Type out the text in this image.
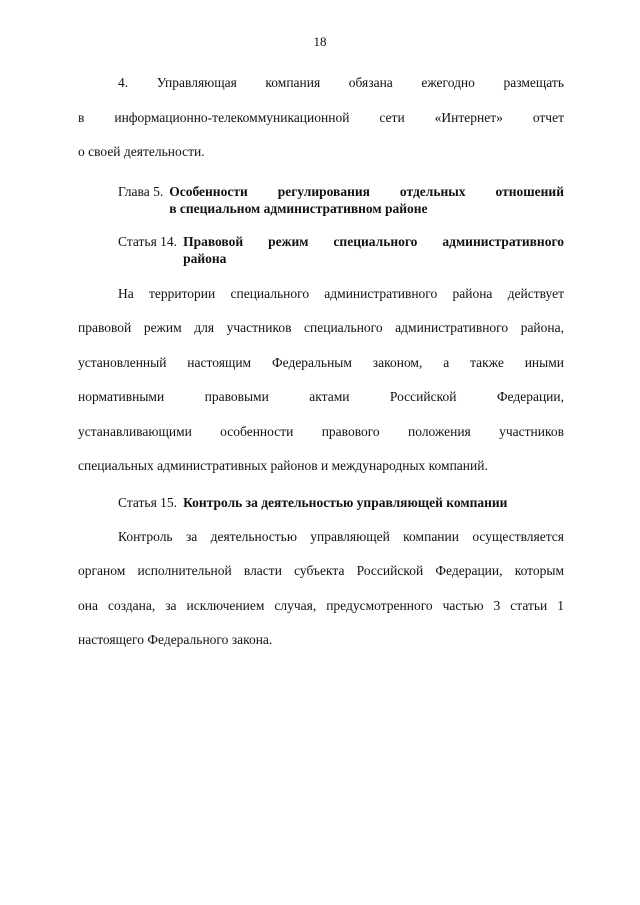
18
4. Управляющая компания обязана ежегодно размещать
в информационно-телекоммуникационной сети «Интернет» отчет
о своей деятельности.
Глава 5. Особенности регулирования отдельных отношений
в специальном административном районе
Статья 14. Правовой режим специального административного
района
На территории специального административного района действует
правовой режим для участников специального административного района,
установленный настоящим Федеральным законом, а также иными
нормативными правовыми актами Российской Федерации,
устанавливающими особенности правового положения участников
специальных административных районов и международных компаний.
Статья 15. Контроль за деятельностью управляющей компании
Контроль за деятельностью управляющей компании осуществляется
органом исполнительной власти субъекта Российской Федерации, которым
она создана, за исключением случая, предусмотренного частью 3 статьи 1
настоящего Федерального закона.
